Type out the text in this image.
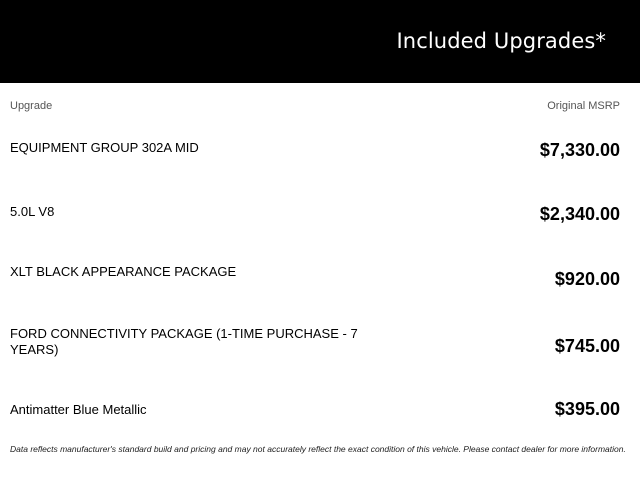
Included Upgrades*
Upgrade	Original MSRP
EQUIPMENT GROUP 302A MID	$7,330.00
5.0L V8	$2,340.00
XLT BLACK APPEARANCE PACKAGE	$920.00
FORD CONNECTIVITY PACKAGE (1-TIME PURCHASE - 7 YEARS)	$745.00
Antimatter Blue Metallic	$395.00
Data reflects manufacturer's standard build and pricing and may not accurately reflect the exact condition of this vehicle. Please contact dealer for more information.
